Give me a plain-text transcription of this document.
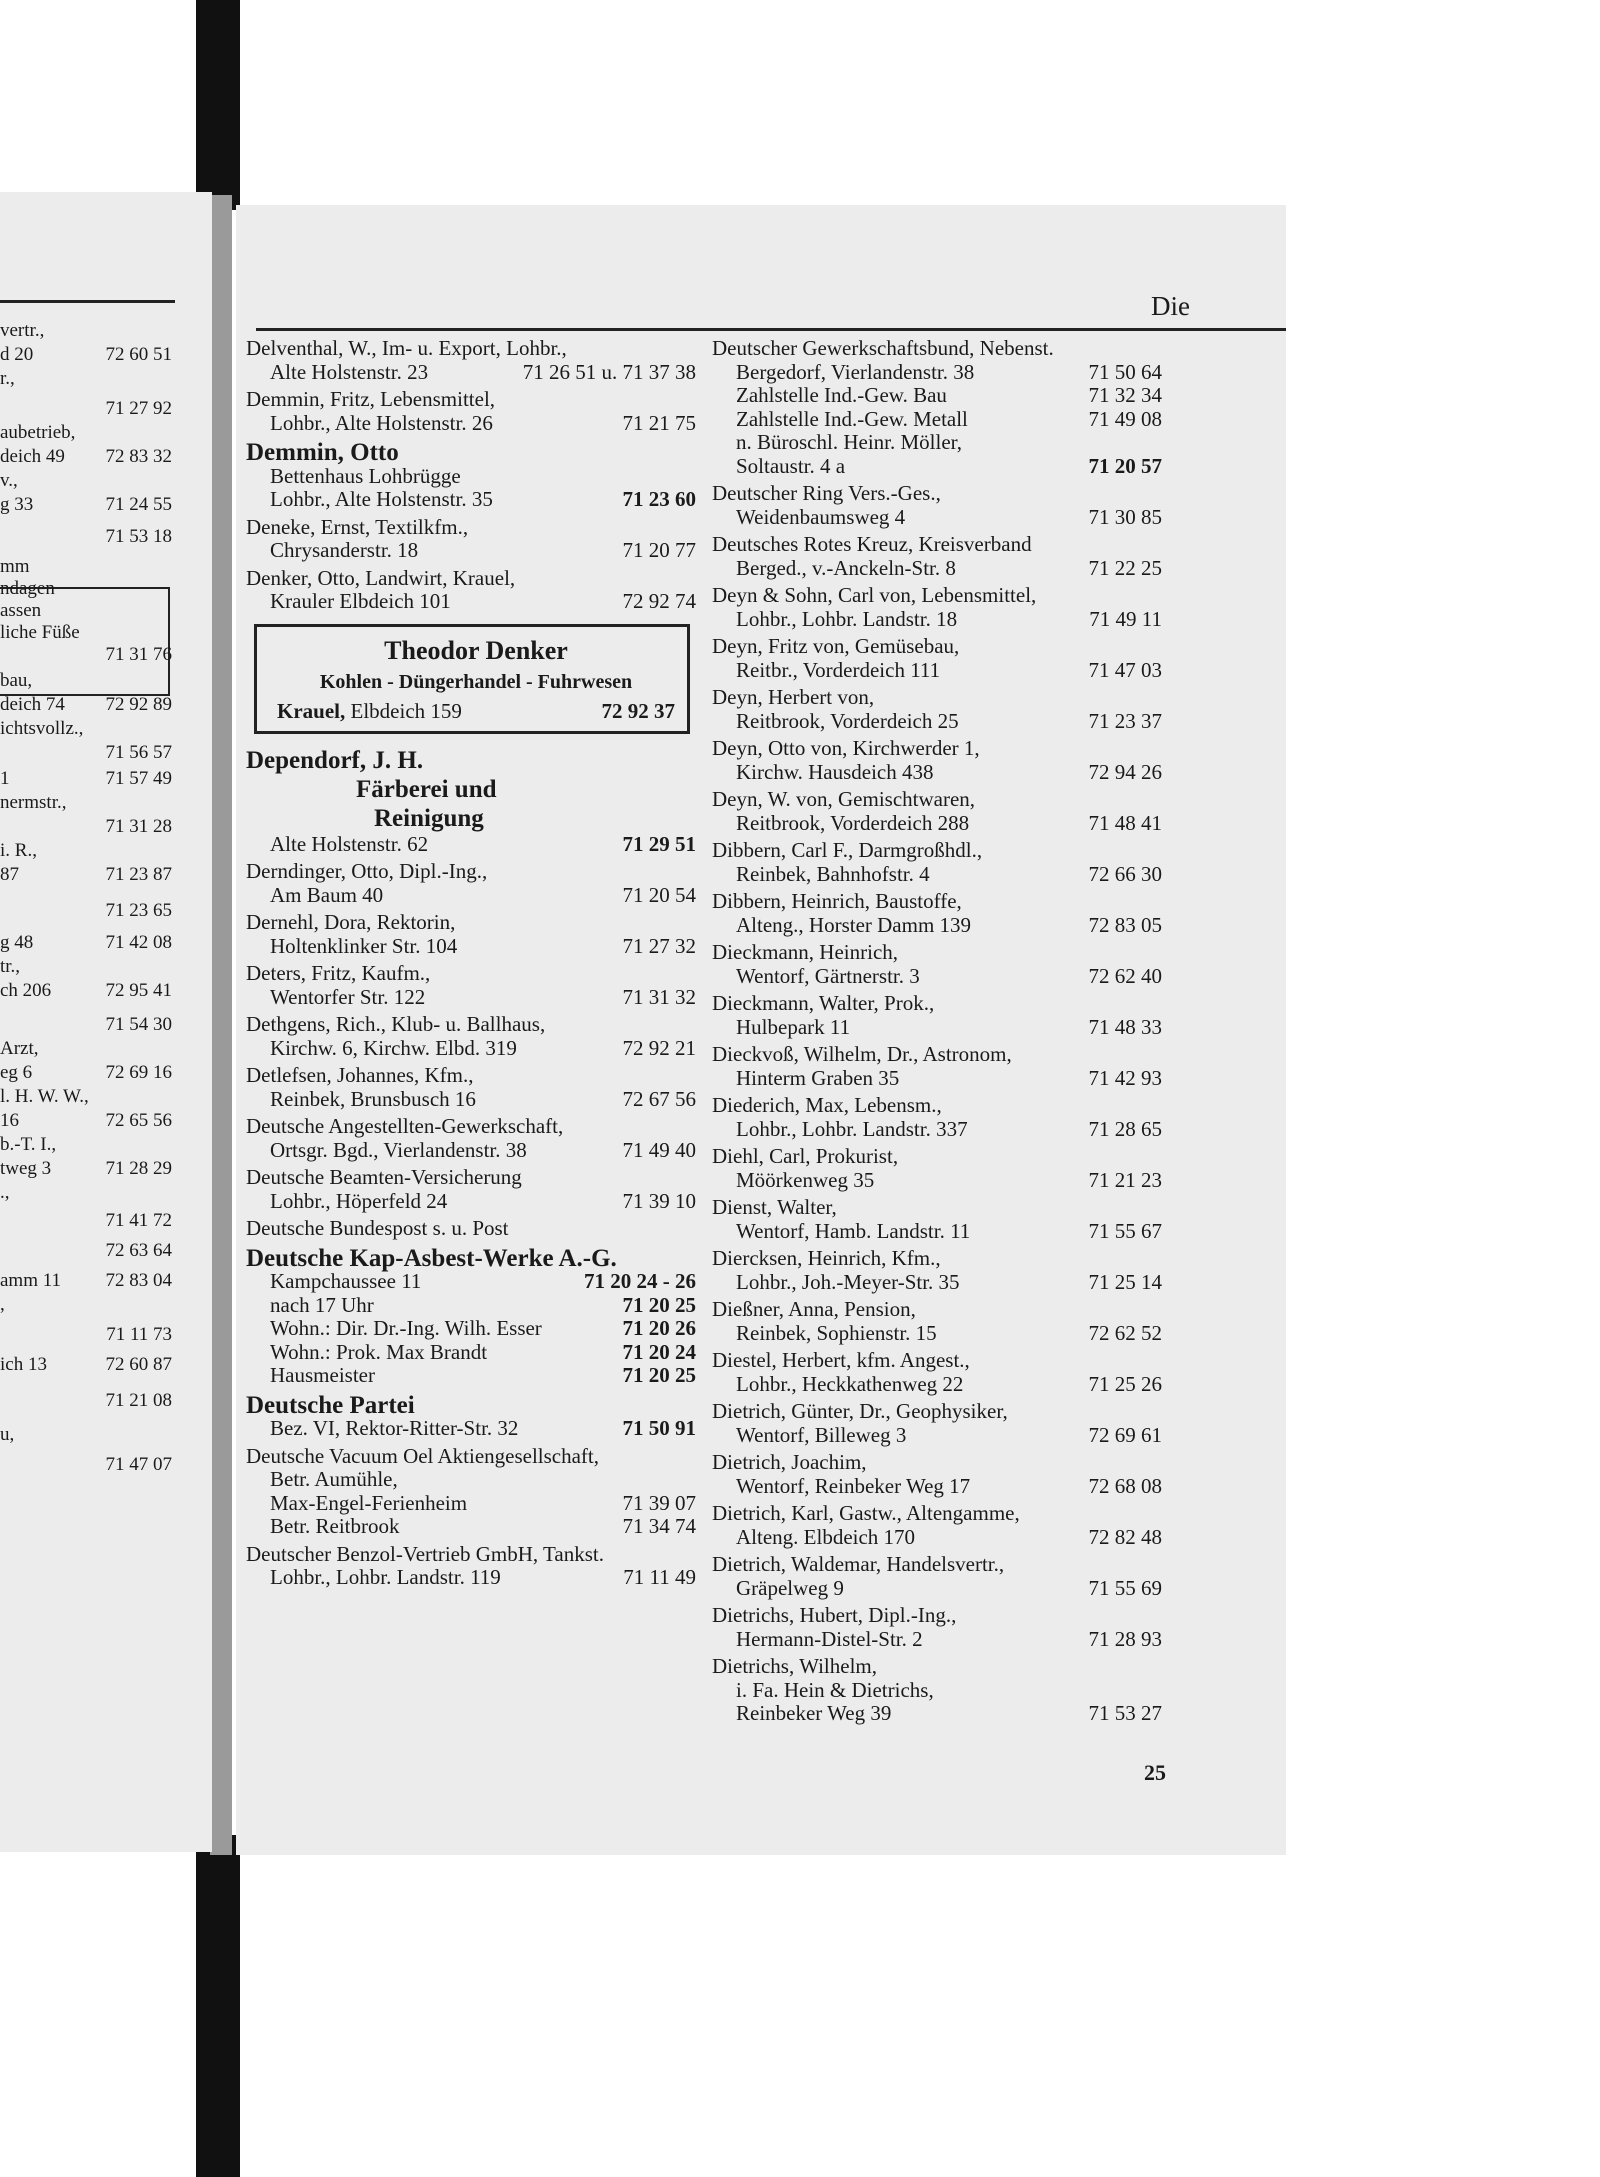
vertr.,
d 20	72 60 51
r.,
71 27 92
aubetrieb,
deich 49 72 83 32
v.,
g 33	71 24 55
71 53 18
mm
ndagen
assen
liche Füße
71 31 76
bau,
deich 74 72 92 89
ichtsvollz.,
71 56 57
1	71 57 49
nermstr.,
71 31 28
i. R.,
87	71 23 87
71 23 65
g 48	71 42 08
tr.,
ch 206	72 95 41
71 54 30
Arzt,
eg 6	72 69 16
l. H. W. W.,
16	72 65 56
b.-T. I.,
tweg 3	71 28 29
.,
71 41 72
72 63 64
amm 11 72 83 04
,
71 11 73
ich 13	72 60 87
71 21 08
u,
71 47 07
Die
Delventhal, W., Im- u. Export, Lohbr.,
Alte Holstenstr. 23	71 26 51 u. 71 37 38
Demmin, Fritz, Lebensmittel,
Lohbr., Alte Holstenstr. 26	71 21 75
Demmin, Otto
Bettenhaus Lohbrügge
Lohbr., Alte Holstenstr. 35	71 23 60
Deneke, Ernst, Textilkfm.,
Chrysanderstr. 18	71 20 77
Denker, Otto, Landwirt, Krauel,
Krauler Elbdeich 101	72 92 74
Theodor Denker
Kohlen - Düngerhandel - Fuhrwesen
Krauel, Elbdeich 159	72 92 37
Dependorf, J. H.
Färberei und
Reinigung
Alte Holstenstr. 62	71 29 51
Derndinger, Otto, Dipl.-Ing.,
Am Baum 40	71 20 54
Dernehl, Dora, Rektorin,
Holtenklinker Str. 104	71 27 32
Deters, Fritz, Kaufm.,
Wentorfer Str. 122	71 31 32
Dethgens, Rich., Klub- u. Ballhaus,
Kirchw. 6, Kirchw. Elbd. 319	72 92 21
Detlefsen, Johannes, Kfm.,
Reinbek, Brunsbusch 16	72 67 56
Deutsche Angestellten-Gewerkschaft,
Ortsgr. Bgd., Vierlandenstr. 38	71 49 40
Deutsche Beamten-Versicherung
Lohbr., Höperfeld 24	71 39 10
Deutsche Bundespost s. u. Post
Deutsche Kap-Asbest-Werke A.-G.
Kampchaussee 11	71 20 24 - 26
nach 17 Uhr	71 20 25
Wohn.: Dir. Dr.-Ing. Wilh. Esser	71 20 26
Wohn.: Prok. Max Brandt	71 20 24
Hausmeister	71 20 25
Deutsche Partei
Bez. VI, Rektor-Ritter-Str. 32	71 50 91
Deutsche Vacuum Oel Aktiengesellschaft,
Betr. Aumühle,
Max-Engel-Ferienheim	71 39 07
Betr. Reitbrook	71 34 74
Deutscher Benzol-Vertrieb GmbH, Tankst.
Lohbr., Lohbr. Landstr. 119	71 11 49
Deutscher Gewerkschaftsbund, Nebenst.
Bergedorf, Vierlandenstr. 38	71 50 64
Zahlstelle Ind.-Gew. Bau	71 32 34
Zahlstelle Ind.-Gew. Metall	71 49 08
n. Büroschl. Heinr. Möller,
Soltaustr. 4 a	71 20 57
Deutscher Ring Vers.-Ges.,
Weidenbaumsweg 4	71 30 85
Deutsches Rotes Kreuz, Kreisverband
Berged., v.-Anckeln-Str. 8	71 22 25
Deyn & Sohn, Carl von, Lebensmittel,
Lohbr., Lohbr. Landstr. 18	71 49 11
Deyn, Fritz von, Gemüsebau,
Reitbr., Vorderdeich 111	71 47 03
Deyn, Herbert von,
Reitbrook, Vorderdeich 25	71 23 37
Deyn, Otto von, Kirchwerder 1,
Kirchw. Hausdeich 438	72 94 26
Deyn, W. von, Gemischtwaren,
Reitbrook, Vorderdeich 288	71 48 41
Dibbern, Carl F., Darmgroßhdl.,
Reinbek, Bahnhofstr. 4	72 66 30
Dibbern, Heinrich, Baustoffe,
Alteng., Horster Damm 139	72 83 05
Dieckmann, Heinrich,
Wentorf, Gärtnerstr. 3	72 62 40
Dieckmann, Walter, Prok.,
Hulbepark 11	71 48 33
Dieckvoß, Wilhelm, Dr., Astronom,
Hinterm Graben 35	71 42 93
Diederich, Max, Lebensm.,
Lohbr., Lohbr. Landstr. 337	71 28 65
Diehl, Carl, Prokurist,
Möörkenweg 35	71 21 23
Dienst, Walter,
Wentorf, Hamb. Landstr. 11	71 55 67
Diercksen, Heinrich, Kfm.,
Lohbr., Joh.-Meyer-Str. 35	71 25 14
Dießner, Anna, Pension,
Reinbek, Sophienstr. 15	72 62 52
Diestel, Herbert, kfm. Angest.,
Lohbr., Heckkathenweg 22	71 25 26
Dietrich, Günter, Dr., Geophysiker,
Wentorf, Billeweg 3	72 69 61
Dietrich, Joachim,
Wentorf, Reinbeker Weg 17	72 68 08
Dietrich, Karl, Gastw., Altengamme,
Alteng. Elbdeich 170	72 82 48
Dietrich, Waldemar, Handelsvertr.,
Gräpelweg 9	71 55 69
Dietrichs, Hubert, Dipl.-Ing.,
Hermann-Distel-Str. 2	71 28 93
Dietrichs, Wilhelm,
i. Fa. Hein & Dietrichs,
Reinbeker Weg 39	71 53 27
25
